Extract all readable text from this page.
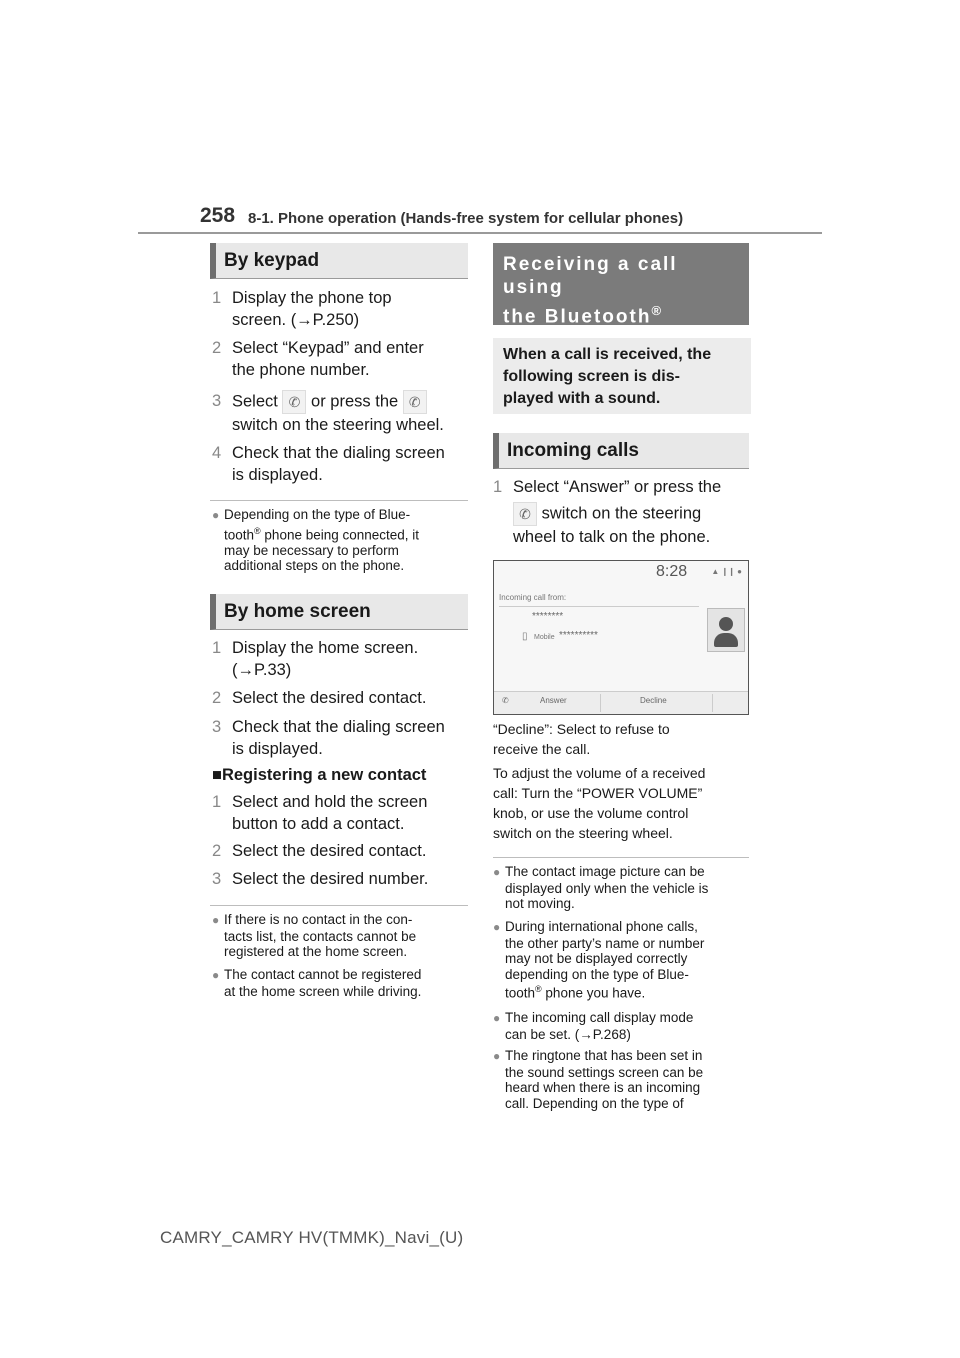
258 8-1. Phone operation (Hands-free system for cellular phones)
By keypad
1 Display the phone top
screen. (→P.250)
2 Select “Keypad” and enter
the phone number.
3 Select ✆ or press the ✆
switch on the steering wheel.
4 Check that the dialing screen
is displayed.
● Depending on the type of Blue-
tooth® phone being connected, it
may be necessary to perform
additional steps on the phone.
By home screen
1 Display the home screen.
(→P.33)
2 Select the desired contact.
3 Check that the dialing screen
is displayed.
■Registering a new contact
1 Select and hold the screen
button to add a contact.
2 Select the desired contact.
3 Select the desired number.
● If there is no contact in the con-
tacts list, the contacts cannot be
registered at the home screen.
● The contact cannot be registered
at the home screen while driving.
Receiving a call using
the Bluetooth®
When a call is received, the
following screen is dis-
played with a sound.
Incoming calls
1 Select “Answer” or press the
✆ switch on the steering
wheel to talk on the phone.
8:28	▲ ❙❙ ●
Incoming call from:
********
▯ Mobile **********
✆	Answer	Decline
“Decline”: Select to refuse to
receive the call.
To adjust the volume of a received
call: Turn the “POWER VOLUME”
knob, or use the volume control
switch on the steering wheel.
● The contact image picture can be
displayed only when the vehicle is
not moving.
● During international phone calls,
the other party’s name or number
may not be displayed correctly
depending on the type of Blue-
tooth® phone you have.
● The incoming call display mode
can be set. (→P.268)
● The ringtone that has been set in
the sound settings screen can be
heard when there is an incoming
call. Depending on the type of
CAMRY_CAMRY HV(TMMK)_Navi_(U)
